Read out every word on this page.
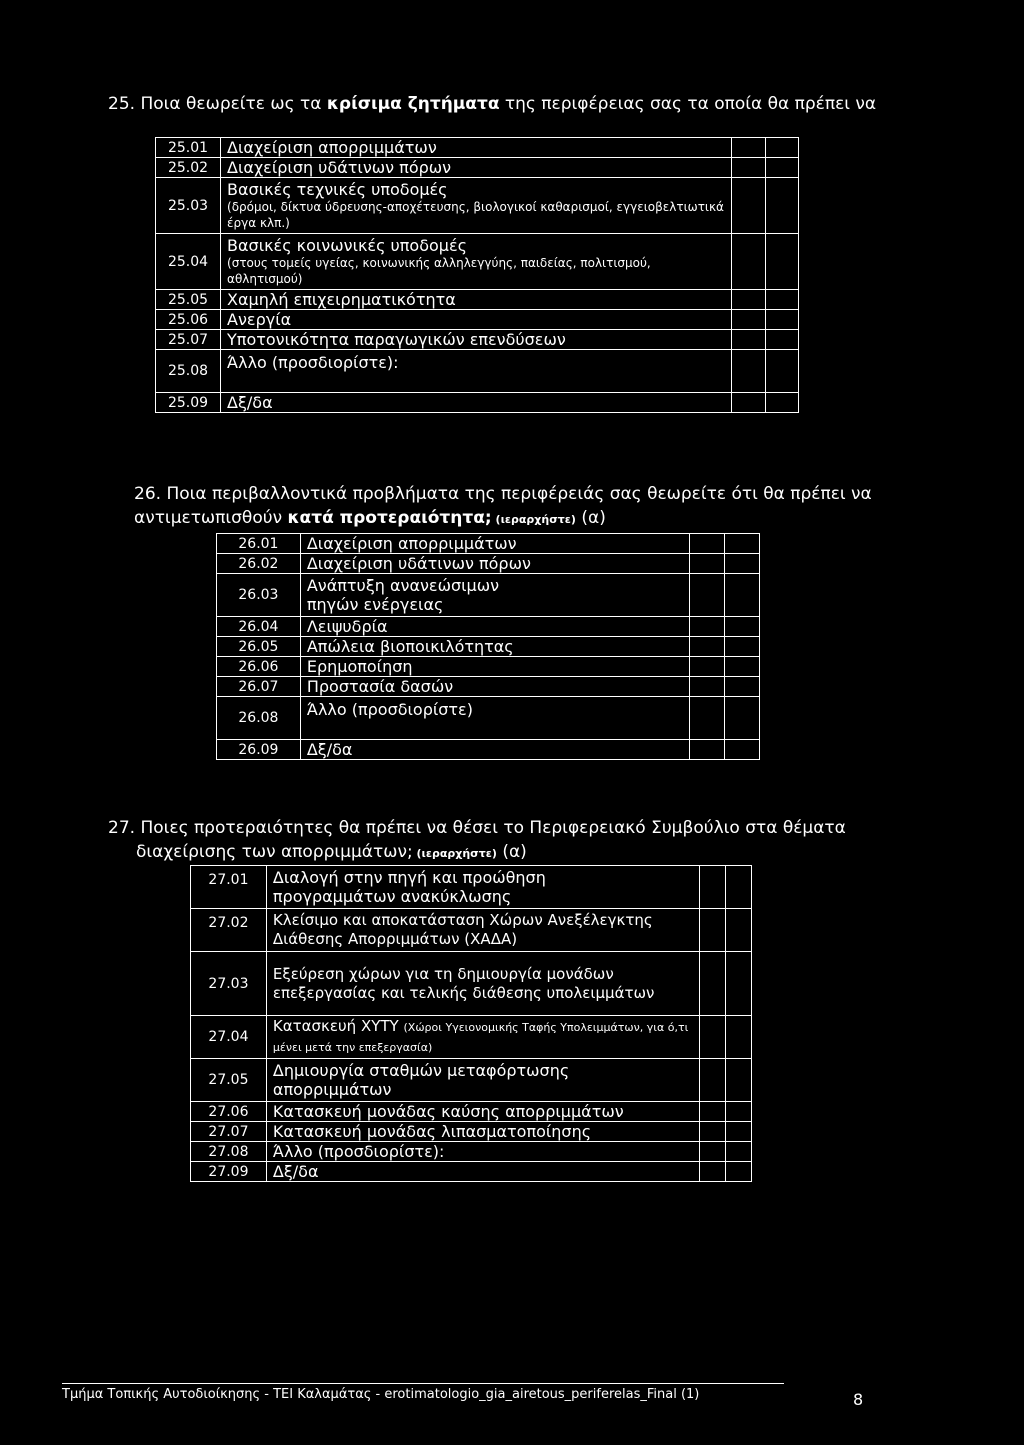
25. Ποια θεωρείτε ως τα κρίσιμα ζητήματα της περιφέρειας σας τα οποία θα πρέπει να
25.01	Διαχείριση απορριμμάτων		
25.02	Διαχείριση υδάτινων πόρων		
25.03	Βασικές τεχνικές υποδομές
(δρόμοι, δίκτυα ύδρευσης-αποχέτευσης, βιολογικοί καθαρισμοί, εγγειοβελτιωτικά έργα κλπ.)		

25.04	Βασικές κοινωνικές υποδομές
(στους τομείς υγείας, κοινωνικής αλληλεγγύης, παιδείας, πολιτισμού, αθλητισμού)		

25.05	Χαμηλή επιχειρηματικότητα		
25.06	Ανεργία		
25.07	Υποτονικότητα παραγωγικών επενδύσεων		
25.08	Άλλο (προσδιορίστε):		
25.09	Δξ/δα		
26. Ποια περιβαλλοντικά προβλήματα της περιφέρειάς σας θεωρείτε ότι θα πρέπει να
αντιμετωπισθούν κατά προτεραιότητα; (ιεραρχήστε) (α)
26.01	Διαχείριση απορριμμάτων		
26.02	Διαχείριση υδάτινων πόρων		
26.03	Ανάπτυξη ανανεώσιμων πηγών ενέργειας		
26.04	Λειψυδρία		
26.05	Απώλεια βιοποικιλότητας		
26.06	Ερημοποίηση		
26.07	Προστασία δασών		
26.08	Άλλο (προσδιορίστε)		
26.09	Δξ/δα		
27. Ποιες προτεραιότητες θα πρέπει να θέσει το Περιφερειακό Συμβούλιο στα θέματα
διαχείρισης των απορριμμάτων; (ιεραρχήστε) (α)
27.01	Διαλογή στην πηγή και προώθηση προγραμμάτων ανακύκλωσης		
27.02	Κλείσιμο και αποκατάσταση Χώρων Ανεξέλεγκτης Διάθεσης Απορριμμάτων (ΧΑΔΑ)		
27.03	Εξεύρεση χώρων για τη δημιουργία μονάδων επεξεργασίας και τελικής διάθεσης υπολειμμάτων		
27.04	Κατασκευή ΧΥΤΥ (Χώροι Υγειονομικής Ταφής Υπολειμμάτων, για ό,τι μένει μετά την επεξεργασία)		
27.05	Δημιουργία σταθμών μεταφόρτωσης απορριμμάτων		
27.06	Κατασκευή μονάδας καύσης απορριμμάτων		
27.07	Κατασκευή μονάδας λιπασματοποίησης		
27.08	Άλλο (προσδιορίστε):		
27.09	Δξ/δα		
Τμήμα Τοπικής Αυτοδιοίκησης - ΤΕΙ Καλαμάτας - erotimatologio_gia_airetous_periferelas_Final (1)	8
